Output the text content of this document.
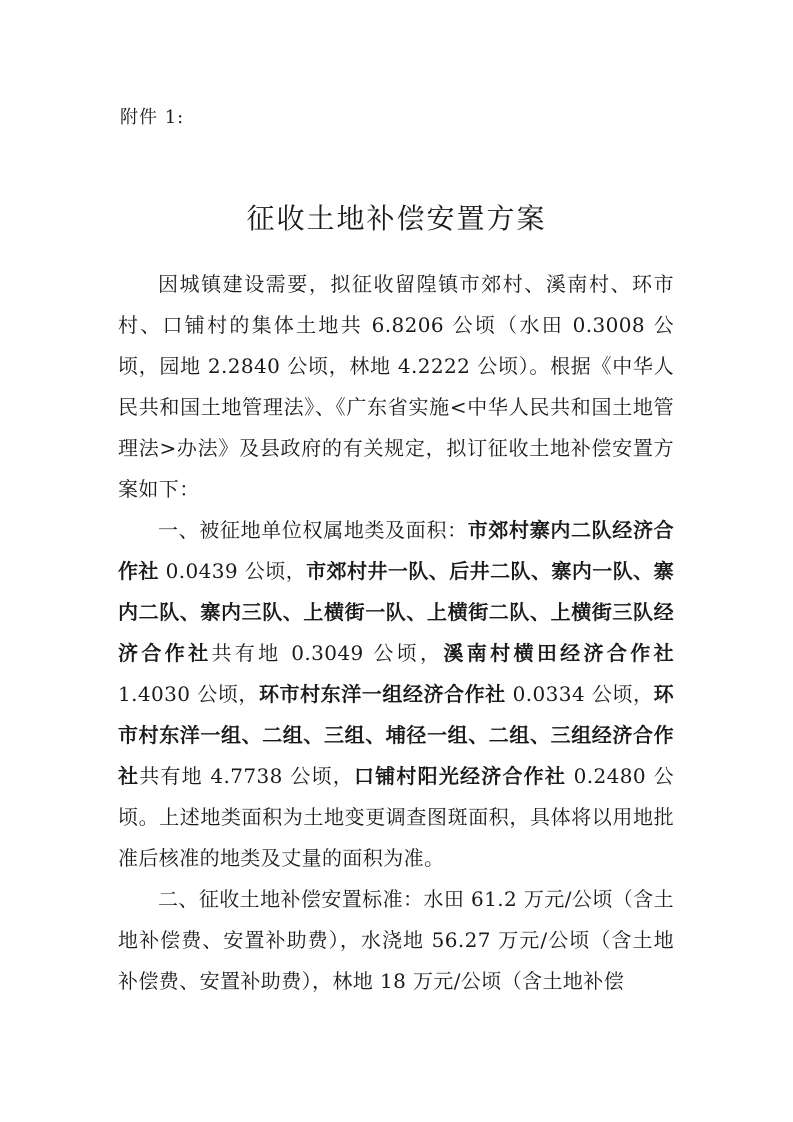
附件 1:
征收土地补偿安置方案

因城镇建设需要，拟征收留隍镇市郊村、溪南村、环市村、口铺村的集体土地共 6.8206 公顷（水田 0.3008 公顷，园地 2.2840 公顷，林地 4.2222 公顷）。根据《中华人民共和国土地管理法》、《广东省实施<中华人民共和国土地管理法>办法》及县政府的有关规定，拟订征收土地补偿安置方案如下：

一、被征地单位权属地类及面积：市郊村寨内二队经济合作社 0.0439 公顷，市郊村井一队、后井二队、寨内一队、寨内二队、寨内三队、上横街一队、上横街二队、上横街三队经济合作社共有地 0.3049 公顷，溪南村横田经济合作社 1.4030 公顷，环市村东洋一组经济合作社 0.0334 公顷，环市村东洋一组、二组、三组、埔径一组、二组、三组经济合作社共有地 4.7738 公顷，口铺村阳光经济合作社 0.2480 公顷。上述地类面积为土地变更调查图斑面积，具体将以用地批准后核准的地类及丈量的面积为准。

二、征收土地补偿安置标准：水田 61.2 万元/公顷（含土地补偿费、安置补助费），水浇地 56.27 万元/公顷（含土地补偿费、安置补助费），林地 18 万元/公顷（含土地补偿
